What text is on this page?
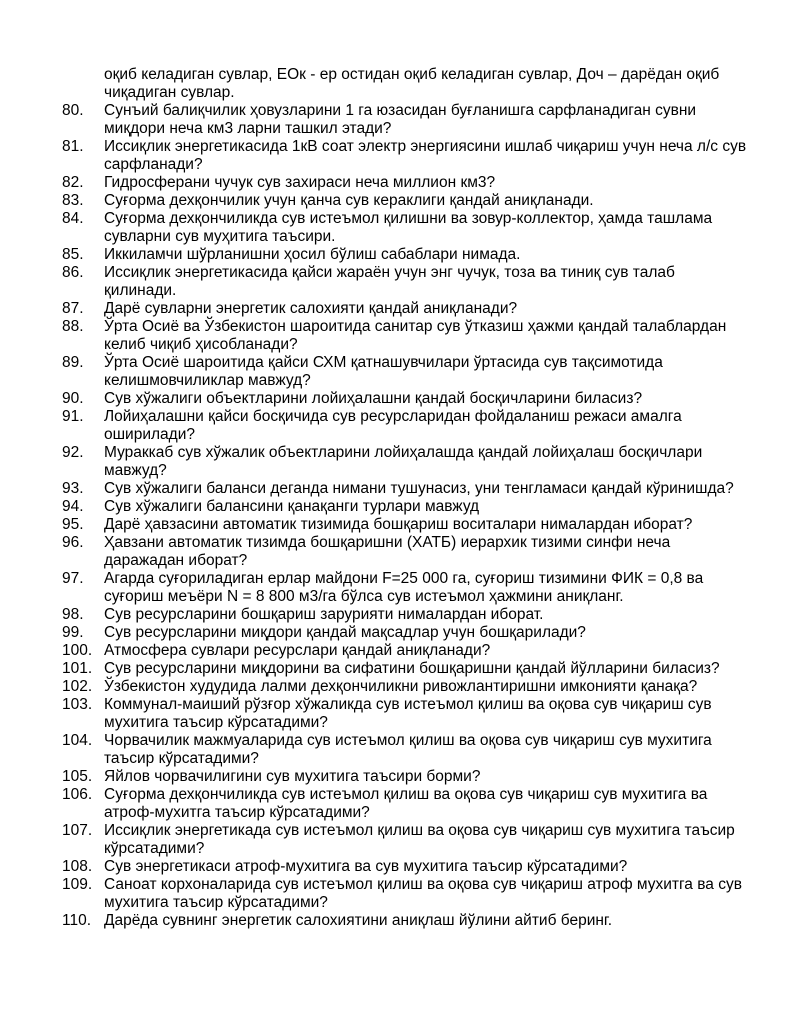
оқиб келадиган сувлар, ЕОк - ер остидан оқиб келадиган сувлар, Доч – дарёдан оқиб чиқадиган сувлар.
80.	Сунъий балиқчилик ҳовузларини 1 га юзасидан буғланишга сарфланадиган сувни миқдори неча км3 ларни ташкил этади?
81.	Иссиқлик энергетикасида 1кВ соат электр энергиясини ишлаб чиқариш учун неча л/с сув сарфланади?
82.	Гидросферани чучук сув захираси неча миллион км3?
83.	Суғорма дехқончилик учун қанча сув кераклиги қандай аниқланади.
84.	Суғорма дехқончиликда сув истеъмол қилишни ва зовур-коллектор, ҳамда ташлама сувларни сув муҳитига таъсири.
85.	Иккиламчи шўрланишни ҳосил бўлиш сабаблари нимада.
86.	Иссиқлик энергетикасида қайси жараён учун энг чучук, тоза ва тиниқ сув талаб қилинади.
87.	Дарё сувларни энергетик салохияти қандай аниқланади?
88.	Ўрта Осиё ва Ўзбекистон шароитида санитар сув ўтказиш ҳажми қандай талаблардан келиб чиқиб ҳисобланади?
89.	Ўрта Осиё шароитида қайси СХМ қатнашувчилари ўртасида сув тақсимотида келишмовчиликлар мавжуд?
90.	Сув хўжалиги объектларини лойиҳалашни қандай босқичларини биласиз?
91.	Лойиҳалашни қайси босқичида сув ресурсларидан фойдаланиш режаси амалга оширилади?
92.	Мураккаб сув хўжалик объектларини лойиҳалашда қандай лойиҳалаш босқичлари мавжуд?
93.	Сув хўжалиги баланси деганда нимани тушунасиз, уни тенгламаси қандай кўринишда?
94.	Сув хўжалиги балансини қанақанги турлари мавжуд
95.	Дарё ҳавзасини автоматик тизимида бошқариш воситалари нималардан иборат?
96.	Ҳавзани автоматик тизимда бошқаришни (ХАТБ) иерархик тизими синфи неча даражадан иборат?
97.	Агарда суғориладиган ерлар майдони F=25 000 га, суғориш тизимини ФИК = 0,8 ва суғориш меъёри N = 8 800 м3/га бўлса сув истеъмол ҳажмини аниқланг.
98.	Сув ресурсларини бошқариш зарурияти нималардан иборат.
99.	Сув ресурсларини миқдори қандай мақсадлар учун бошқарилади?
100. Атмосфера сувлари ресурслари қандай аниқланади?
101. Сув ресурсларини миқдорини ва сифатини бошқаришни қандай йўлларини биласиз?
102. Ўзбекистон худудида лалми дехқончиликни ривожлантиришни имконияти қанақа?
103. Коммунал-маиший рўзғор хўжаликда сув истеъмол қилиш ва оқова сув чиқариш сув мухитига таъсир кўрсатадими?
104. Чорвачилик мажмуаларида сув истеъмол қилиш ва оқова сув чиқариш сув мухитига таъсир кўрсатадими?
105. Яйлов чорвачилигини сув мухитига таъсири борми?
106. Суғорма дехқончиликда сув истеъмол қилиш ва оқова сув чиқариш сув мухитига ва атроф-мухитга таъсир кўрсатадими?
107. Иссиқлик энергетикада сув истеъмол қилиш ва оқова сув чиқариш сув мухитига таъсир кўрсатадими?
108. Сув энергетикаси атроф-мухитига ва сув мухитига таъсир кўрсатадими?
109. Саноат корхоналарида сув истеъмол қилиш ва оқова сув чиқариш атроф мухитга ва сув мухитига таъсир кўрсатадими?
110. Дарёда сувнинг энергетик салохиятини аниқлаш йўлини айтиб беринг.
